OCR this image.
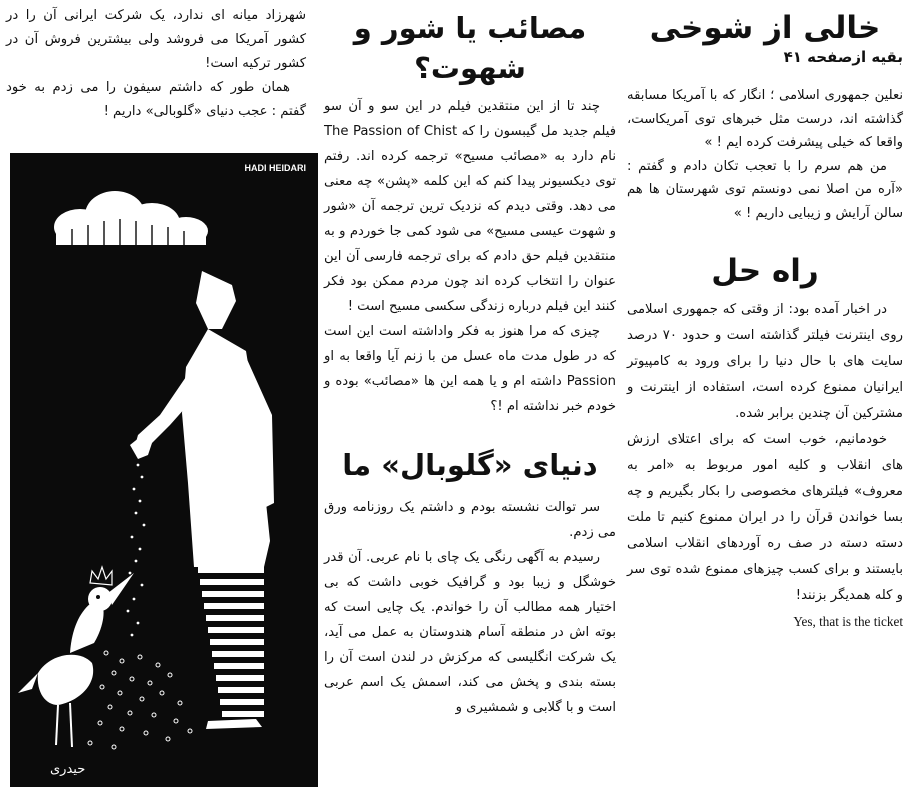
خالی از شوخی

بقیه ازصفحه ۴۱

نعلین جمهوری اسلامی ؛ انگار که با آمریکا مسابقه گذاشته اند، درست مثل خبرهای توی آمریکاست، واقعا که خیلی پیشرفت کرده ایم ! »

من هم سرم را با تعجب تکان دادم و گفتم : «آره من اصلا نمی دونستم توی شهرستان ها هم سالن آرایش و زیبایی داریم ! »

راه حل

در اخبار آمده بود: از وقتی که جمهوری اسلامی روی اینترنت فیلتر گذاشته است و حدود ۷۰ درصد سایت های با حال دنیا را برای ورود به کامپیوتر ایرانیان ممنوع کرده است، استفاده از اینترنت و مشترکین آن چندین برابر شده.

خودمانیم، خوب است که برای اعتلای ارزش های انقلاب و کلیه امور مربوط به «امر به معروف» فیلترهای مخصوصی را بکار بگیریم و چه بسا خواندن قرآن را در ایران ممنوع کنیم تا ملت دسته دسته در صف ره آوردهای انقلاب اسلامی بایستند و برای کسب چیزهای ممنوع شده توی سر و کله همدیگر بزنند!

Yes, that is the ticket

مصائب یا شور و شهوت؟

چند تا از این منتقدین فیلم در این سو و آن سو فیلم جدید مل گیبسون را که The Passion of Chist نام دارد به «مصائب مسیح» ترجمه کرده اند. رفتم توی دیکسیونر پیدا کنم که این کلمه «پشن» چه معنی می دهد. وقتی دیدم که نزدیک ترین ترجمه آن «شور و شهوت عیسی مسیح» می شود کمی جا خوردم و به منتقدین فیلم حق دادم که برای ترجمه فارسی آن این عنوان را انتخاب کرده اند چون مردم ممکن بود فکر کنند این فیلم درباره زندگی سکسی مسیح است !

چیزی که مرا هنوز به فکر واداشته است این است که در طول مدت ماه عسل من با زنم آیا واقعا به او Passion داشته ام و یا همه این ها «مصائب» بوده و خودم خبر نداشته ام !؟

دنیای «گلوبال» ما

سر توالت نشسته بودم و داشتم یک روزنامه ورق می زدم.

رسیدم به آگهی رنگی یک چای با نام عربی. آن قدر خوشگل و زیبا بود و گرافیک خوبی داشت که بی اختیار همه مطالب آن را خواندم. یک چایی است که بوته اش در منطقه آسام هندوستان به عمل می آید، یک شرکت انگلیسی که مرکزش در لندن است آن را بسته بندی و پخش می کند، اسمش یک اسم عربی است و با گلابی و شمشیری و

شهرزاد میانه ای ندارد، یک شرکت ایرانی آن را در کشور آمریکا می فروشد ولی بیشترین فروش آن در کشور ترکیه است!

همان طور که داشتم سیفون را می زدم به خود گفتم : عجب دنیای «گلوبالی» داریم !

HADI HEIDARI
حیدری
